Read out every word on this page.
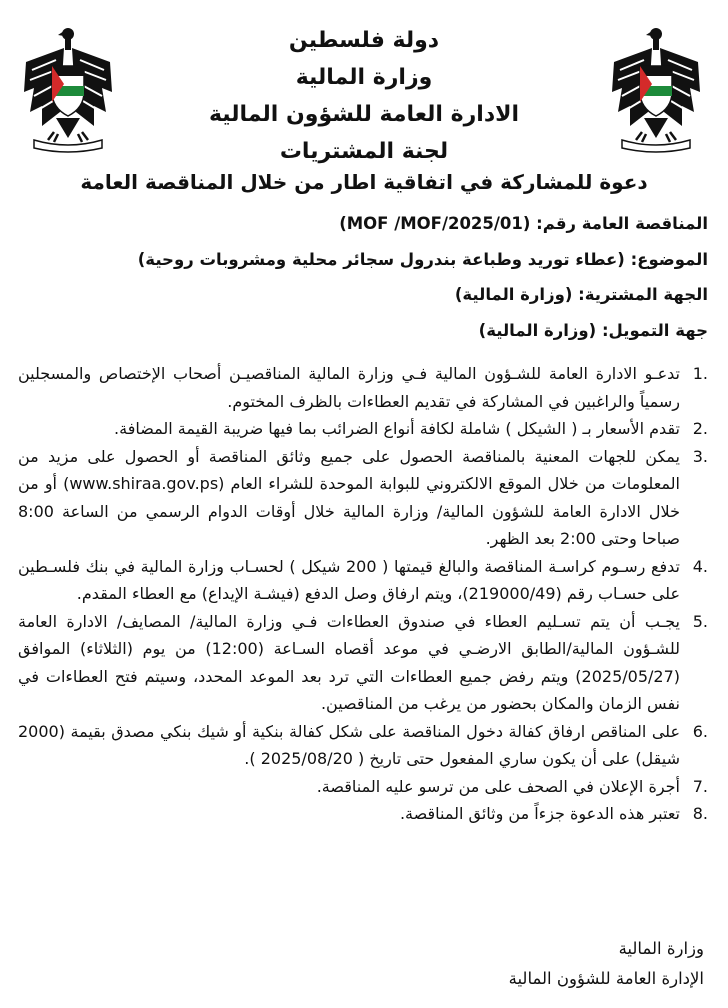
دولة فلسطين
وزارة المالية
الادارة العامة للشؤون المالية
لجنة المشتريات
دعوة للمشاركة في اتفاقية اطار من خلال المناقصة العامة
المناقصة العامة رقم: (MOF /MOF/2025/01)
الموضوع: (عطاء توريد وطباعة بندرول سجائر محلية ومشروبات روحية)
الجهة المشترية: (وزارة المالية)
جهة التمويل: (وزارة المالية)
1.
تدعـو الادارة العامة للشـؤون المالية فـي وزارة المالية المناقصيـن أصحاب الإختصاص والمسجلين رسمياً والراغبين في المشاركة في تقديم العطاءات بالظرف المختوم.
2.
تقدم الأسعار بـ ( الشيكل ) شاملة لكافة أنواع الضرائب بما فيها ضريبة القيمة المضافة.
3.
يمكن للجهات المعنية بالمناقصة الحصول على جميع وثائق المناقصة أو الحصول على مزيد من المعلومات من خلال الموقع الالكتروني للبوابة الموحدة للشراء العام (www.shiraa.gov.ps) أو من خلال الادارة العامة للشؤون المالية/ وزارة المالية خلال أوقات الدوام الرسمي من الساعة 8:00 صباحا وحتى 2:00 بعد الظهر.
4.
تدفع رسـوم كراسـة المناقصة والبالغ قيمتها ( 200 شيكل ) لحسـاب وزارة المالية في بنك فلسـطين على حسـاب رقم (219000/49)، ويتم ارفاق وصل الدفع (فيشـة الإيداع) مع العطاء المقدم.
5.
يجـب أن يتم تسـليم العطاء في صندوق العطاءات فـي وزارة المالية/ المصايف/ الادارة العامة للشـؤون المالية/الطابق الارضـي في موعد أقصاه السـاعة (12:00) من يوم (الثلاثاء) الموافق (2025/05/27) ويتم رفض جميع العطاءات التي ترد بعد الموعد المحدد، وسيتم فتح العطاءات في نفس الزمان والمكان بحضور من يرغب من المناقصين.
6.
على المناقص ارفاق كفالة دخول المناقصة على شكل كفالة بنكية أو شيك بنكي مصدق بقيمة (2000 شيقل) على أن يكون ساري المفعول حتى تاريخ ( 2025/08/20 ).
7.
أجرة الإعلان في الصحف على من ترسو عليه المناقصة.
8.
تعتبر هذه الدعوة جزءاً من وثائق المناقصة.
وزارة المالية
الإدارة العامة للشؤون المالية
